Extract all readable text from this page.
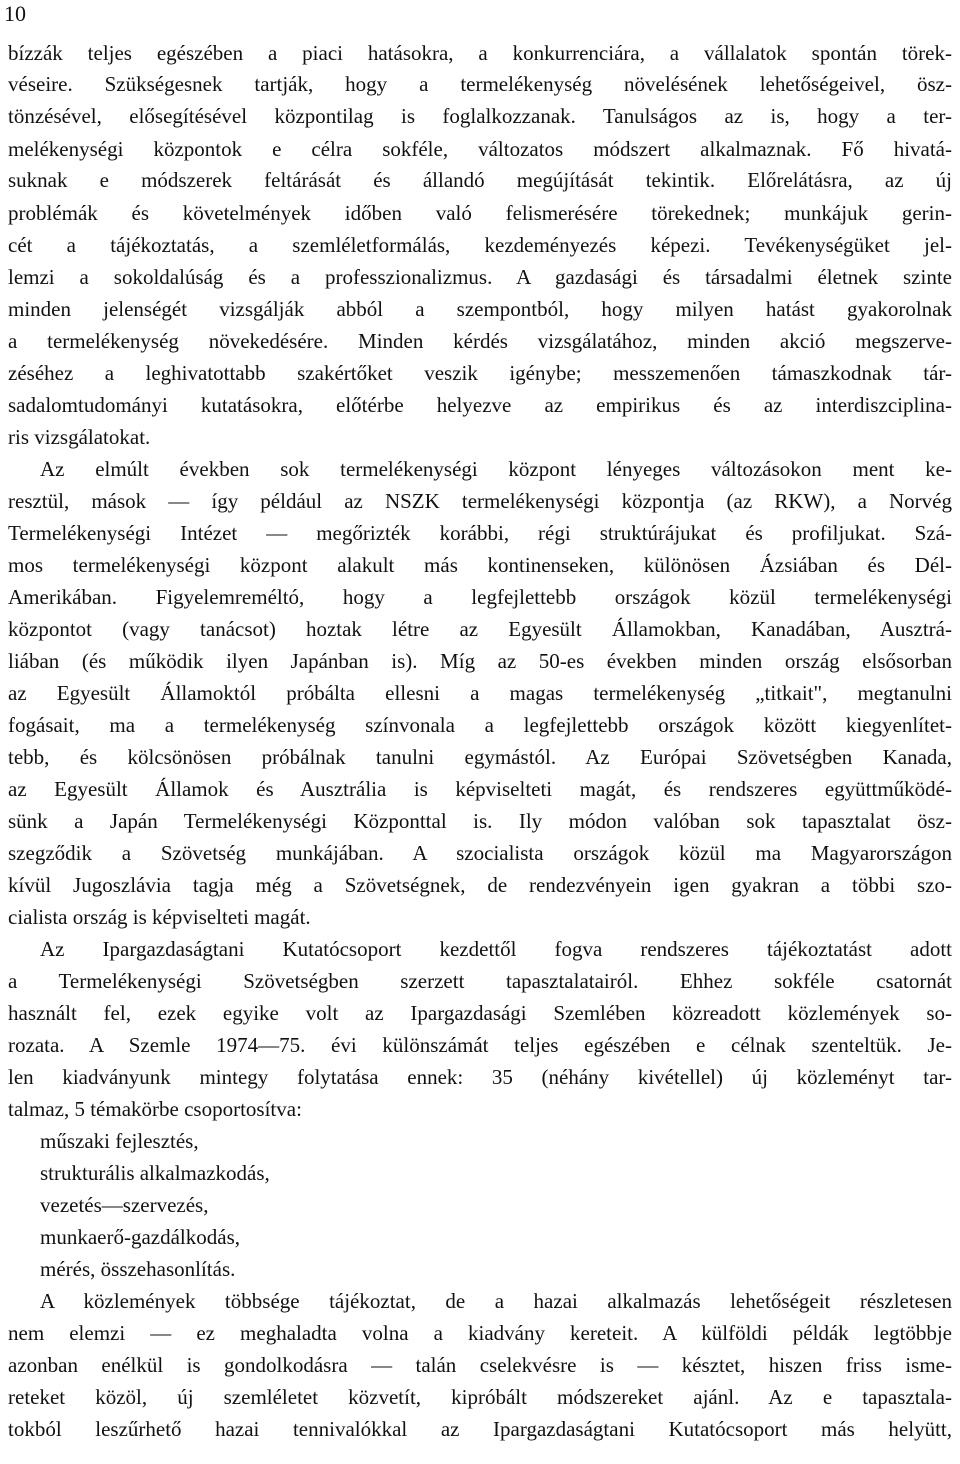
10
bízzák teljes egészében a piaci hatásokra, a konkurrenciára, a vállalatok spontán törek-
véseire. Szükségesnek tartják, hogy a termelékenység növelésének lehetőségeivel, ösz-
tönzésével, elősegítésével központilag is foglalkozzanak. Tanulságos az is, hogy a ter-
melékenységi központok e célra sokféle, változatos módszert alkalmaznak. Fő hivatá-
suknak e módszerek feltárását és állandó megújítását tekintik. Előrelátásra, az új
problémák és követelmények időben való felismerésére törekednek; munkájuk gerin-
cét a tájékoztatás, a szemléletformálás, kezdeményezés képezi. Tevékenységüket jel-
lemzi a sokoldalúság és a professzionalizmus. A gazdasági és társadalmi életnek szinte
minden jelenségét vizsgálják abból a szempontból, hogy milyen hatást gyakorolnak
a termelékenység növekedésére. Minden kérdés vizsgálatához, minden akció megszerve-
zéséhez a leghivatottabb szakértőket veszik igénybe; messzemenően támaszkodnak tár-
sadalomtudományi kutatásokra, előtérbe helyezve az empirikus és az interdiszciplina-
ris vizsgálatokat.
Az elmúlt években sok termelékenységi központ lényeges változásokon ment ke-
resztül, mások — így például az NSZK termelékenységi központja (az RKW), a Norvég
Termelékenységi Intézet — megőrizték korábbi, régi struktúrájukat és profiljukat. Szá-
mos termelékenységi központ alakult más kontinenseken, különösen Ázsiában és Dél-
Amerikában. Figyelemreméltó, hogy a legfejlettebb országok közül termelékenységi
központot (vagy tanácsot) hoztak létre az Egyesült Államokban, Kanadában, Ausztrá-
liában (és működik ilyen Japánban is). Míg az 50-es években minden ország elsősorban
az Egyesült Államoktól próbálta ellesni a magas termelékenység „titkait", megtanulni
fogásait, ma a termelékenység színvonala a legfejlettebb országok között kiegyenlítet-
tebb, és kölcsönösen próbálnak tanulni egymástól. Az Európai Szövetségben Kanada,
az Egyesült Államok és Ausztrália is képviselteti magát, és rendszeres együttműködé-
sünk a Japán Termelékenységi Központtal is. Ily módon valóban sok tapasztalat ösz-
szegződik a Szövetség munkájában. A szocialista országok közül ma Magyarországon
kívül Jugoszlávia tagja még a Szövetségnek, de rendezvényein igen gyakran a többi szo-
cialista ország is képviselteti magát.
Az Ipargazdaságtani Kutatócsoport kezdettől fogva rendszeres tájékoztatást adott
a Termelékenységi Szövetségben szerzett tapasztalatairól. Ehhez sokféle csatornát
használt fel, ezek egyike volt az Ipargazdasági Szemlében közreadott közlemények so-
rozata. A Szemle 1974—75. évi különszámát teljes egészében e célnak szenteltük. Je-
len kiadványunk mintegy folytatása ennek: 35 (néhány kivétellel) új közleményt tar-
talmaz, 5 témakörbe csoportosítva:
műszaki fejlesztés,
strukturális alkalmazkodás,
vezetés—szervezés,
munkaerő-gazdálkodás,
mérés, összehasonlítás.
A közlemények többsége tájékoztat, de a hazai alkalmazás lehetőségeit részletesen
nem elemzi — ez meghaladta volna a kiadvány kereteit. A külföldi példák legtöbbje
azonban enélkül is gondolkodásra — talán cselekvésre is — késztet, hiszen friss isme-
reteket közöl, új szemléletet közvetít, kipróbált módszereket ajánl. Az e tapasztala-
tokból leszűrhető hazai tennivalókkal az Ipargazdaságtani Kutatócsoport más helyütt,
